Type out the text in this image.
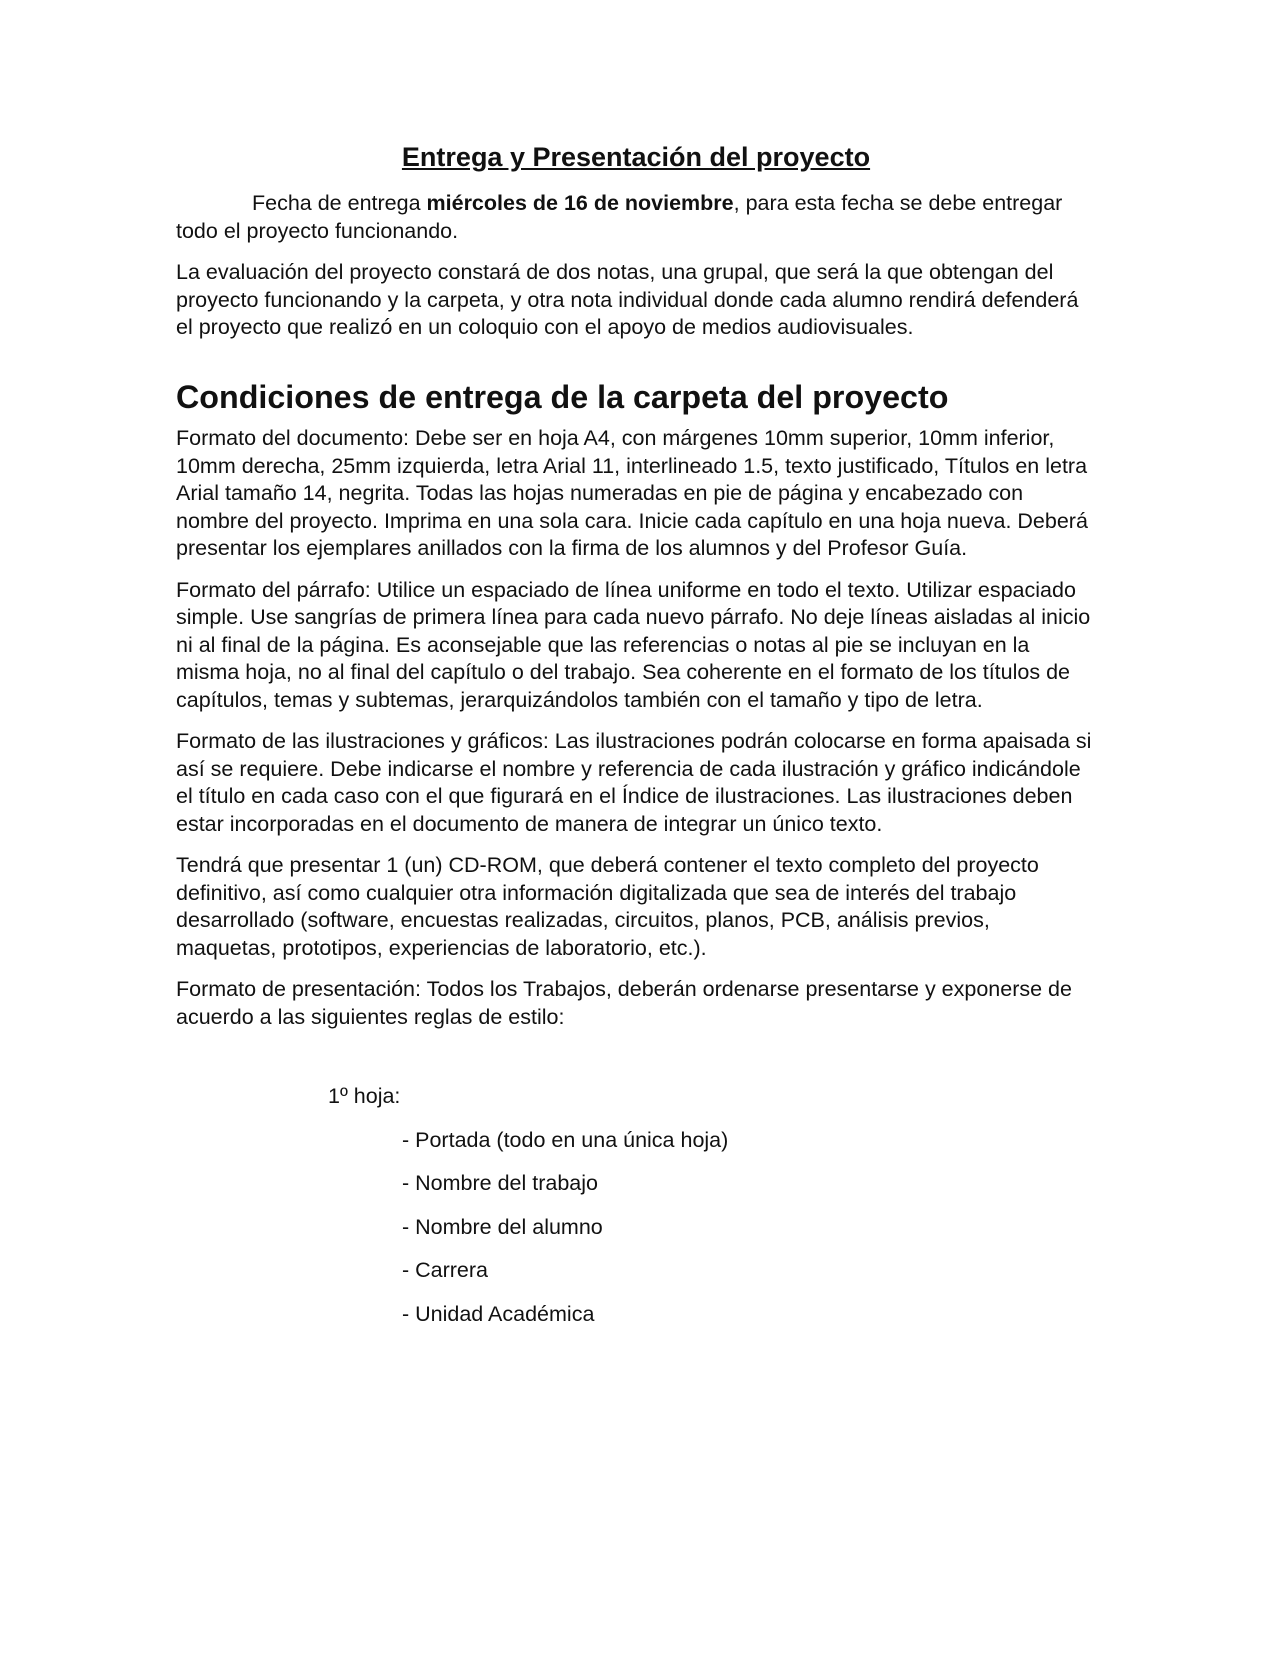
Entrega y Presentación del proyecto

Fecha de entrega miércoles de 16 de noviembre, para esta fecha se debe entregar todo el proyecto funcionando.

La evaluación del proyecto constará de dos notas, una grupal, que será la que obtengan del proyecto funcionando y la carpeta, y otra nota individual donde cada alumno rendirá defenderá el proyecto que realizó en un coloquio con el apoyo de medios audiovisuales.

Condiciones de entrega de la carpeta del proyecto

Formato del documento: Debe ser en hoja A4, con márgenes 10mm superior, 10mm inferior, 10mm derecha, 25mm izquierda, letra Arial 11, interlineado 1.5, texto justificado, Títulos en letra Arial tamaño 14, negrita. Todas las hojas numeradas en pie de página y encabezado con nombre del proyecto. Imprima en una sola cara. Inicie cada capítulo en una hoja nueva. Deberá presentar los ejemplares anillados con la firma de los alumnos y del Profesor Guía.

Formato del párrafo: Utilice un espaciado de línea uniforme en todo el texto. Utilizar espaciado simple. Use sangrías de primera línea para cada nuevo párrafo. No deje líneas aisladas al inicio ni al final de la página. Es aconsejable que las referencias o notas al pie se incluyan en la misma hoja, no al final del capítulo o del trabajo. Sea coherente en el formato de los títulos de capítulos, temas y subtemas, jerarquizándolos también con el tamaño y tipo de letra.

Formato de las ilustraciones y gráficos: Las ilustraciones podrán colocarse en forma apaisada si así se requiere. Debe indicarse el nombre y referencia de cada ilustración y gráfico indicándole el título en cada caso con el que figurará en el Índice de ilustraciones. Las ilustraciones deben estar incorporadas en el documento de manera de integrar un único texto.

Tendrá que presentar 1 (un) CD-ROM, que deberá contener el texto completo del proyecto definitivo, así como cualquier otra información digitalizada que sea de interés del trabajo desarrollado (software, encuestas realizadas, circuitos, planos, PCB, análisis previos, maquetas, prototipos, experiencias de laboratorio, etc.).

Formato de presentación: Todos los Trabajos, deberán ordenarse presentarse y exponerse de acuerdo a las siguientes reglas de estilo:

1º hoja:

- Portada (todo en una única hoja)
- Nombre del trabajo
- Nombre del alumno
- Carrera
- Unidad Académica
